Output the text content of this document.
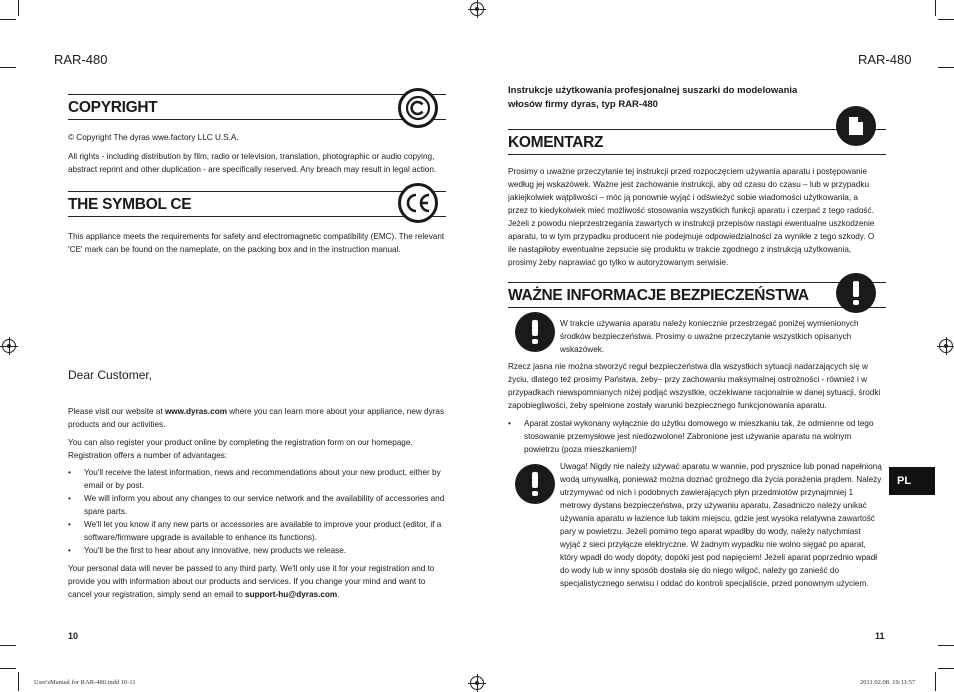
RAR-480
COPYRIGHT
© Copyright The dyras wwe.factory LLC U.S.A.
All rights - including distribution by film, radio or television, translation, photographic or audio copying, abstract reprint and other duplication - are specifically reserved. Any breach may result in legal action.
THE SYMBOL CE
This appliance meets the requirements for safety and electromagnetic compatibility (EMC). The relevant 'CE' mark can be found on the nameplate, on the packing box and in the instruction manual.
Dear Customer,
Please visit our website at www.dyras.com where you can learn more about your appliance, new dyras products and our activities.
You can also register your product online by completing the registration form on our homepage. Registration offers a number of advantages:
• You'll receive the latest information, news and recommendations about your new product, either by email or by post.
• We will inform you about any changes to our service network and the availability of accessories and spare parts.
• We'll let you know if any new parts or accessories are available to improve your product (editor, if a software/firmware upgrade is available to enhance its functions).
• You'll be the first to hear about any innovative, new products we release.
Your personal data will never be passed to any third party. We'll only use it for your registration and to provide you with information about our products and services. If you change your mind and want to cancel your registration, simply send an email to support-hu@dyras.com.
10
RAR-480
Instrukcje użytkowania profesjonalnej suszarki do modelowania włosów firmy dyras, typ RAR-480
KOMENTARZ
Prosimy o uważne przeczytanie tej instrukcji przed rozpoczęciem używania aparatu i postępowanie według jej wskazówek. Ważne jest zachowanie instrukcji, aby od czasu do czasu – lub w przypadku jakiejkolwiek wątpliwości – móc ją ponownie wyjąć i odświeżyć sobie wiadomości użytkowania, a przez to kiedykolwiek mieć możliwość stosowania wszystkich funkcji aparatu i czerpać z tego radość. Jeżeli z powodu nieprzestrzegania zawartych w instrukcji przepisów nastąpi ewentualne uszkodzenie aparatu, to w tym przypadku producent nie podejmuje odpowiedzialności za wynikłe z tego szkody. O ile nastąpiłoby ewentualne zepsucie się produktu w trakcie zgodnego z instrukcją użytkowania, prosimy żeby naprawiać go tylko w autoryzowanym serwisie.
WAŻNE INFORMACJE BEZPIECZEŃSTWA
W trakcie używania aparatu należy koniecznie przestrzegać poniżej wymienionych środków bezpieczeństwa. Prosimy o uważne przeczytanie wszystkich opisanych wskazówek.
Rzecz jasna nie można stworzyć reguł bezpieczeństwa dla wszystkich sytuacji nadarzających się w życiu, dlatego też prosimy Państwa, żeby– przy zachowaniu maksymalnej ostrożności - również i w przypadkach niewspomnianych niżej podjąć wszystkie, oczekiwane racjonalnie w danej sytuacji, środki zapobiegliwości, żeby spełnione zostały warunki bezpiecznego funkcjonowania aparatu.
• Aparat został wykonany wyłącznie do użytku domowego w mieszkaniu tak, że odmienne od tego stosowanie przemysłowe jest niedozwolone! Zabronione jest używanie aparatu na wolnym powietrzu (poza mieszkaniem)!
Uwaga! Nigdy nie należy używać aparatu w wannie, pod prysznice lub ponad napełnioną wodą umywalką, ponieważ można doznać groźnego dla życia porażenia prądem. Należy utrzymywać od nich i podobnych zawierających płyn przedmiotów przynajmniej 1 metrowy dystans bezpieczeństwa, przy używaniu aparatu. Zasadniczo należy unikać używania aparatu w łazience lub takim miejscu, gdzie jest wysoka relatywna zawartość pary w powietrzu. Jeżeli pomimo tego aparat wpadłby do wody, należy natychmiast wyjąć z sieci przyłącze elektryczne. W żadnym wypadku nie wolno sięgać po aparat, który wpadł do wody dopóty, dopóki jest pod napięciem! Jeżeli aparat poprzednio wpadł do wody lub w inny sposób dostała się do niego wilgoć, należy go zanieść do specjalistycznego serwisu i oddać do kontroli specjaliście, przed ponownym użyciem.
PL
11
User'sManual for RAR-480.indd 10-11	2011.02.08. 19:11:57
